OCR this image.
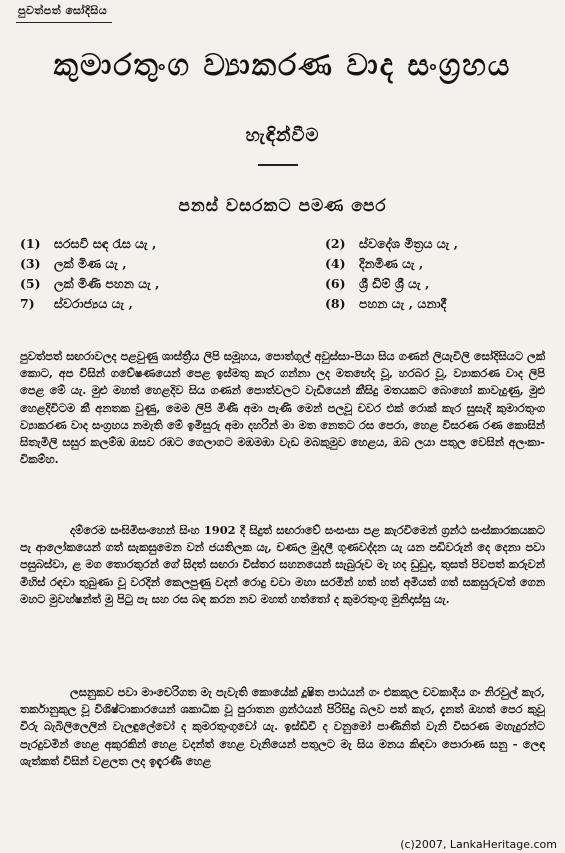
පුවත්පත් සෝදිසිය
කුමාරතුංග ව්‍යාකරණ වාද සංග්‍රහය
හැඳින්වීම
පනස් වසරකට පමණ පෙර
(1) සරසවි සඳ රැස යැ ,	(2) ස්වදේශ මිත්‍රය යැ ,
(3) ලක් මිණ යැ ,	(4) දිනමිණ යැ ,
(5) ලක් මිණි පහන යැ ,	(6) ශ්‍රී ඩිම් ශ්‍රී යැ ,
7) ස්වරාජ්‍යය යැ ,	(8) පහන යැ , යනාදී

පුවත්පත් සඟරාවලද පළවුණු ශාස්ත්‍රීය ලිපි සමූහය, පොත්ගුල් අවුස්සා-පියා සිය ගණන් ලියැවිලි සෝදිසියට ලක් කොට, අප විසින් ගවේෂණයෙන් පෙළ ඉස්මතු කැර ගන්නා ලද මතභේද වූ, හරබර වූ, ව්‍යාකරණ වාද ලිපි පෙළ මේ යැ. මුළු මහත් හෙළදිව සිය ගණන් පොත්වලට වැඩියෙන් කීසිදු මතයකට බොහෝ කාවැදුණු, මුළු හෙළදිවිටම කී අනතක වුණු, මෙම ලිපි මිණි අමා පැණි මෙන් පලවූ චවර එක් රොක් කැර සුසැදි කුමාරතුංග ව්‍යාකරණ වාද සංග්‍රහය නමැති මේ ඉමිසුරු අමා දහරින් මා මත නෙතට රස පෙරා, හෙළ විසරණ රණ කොසින් සිතැමිලි සසුර කලම්ඹ ඹසව රඹට ගෙලාගට මඹමඹා වැඩ මබකුමුව හෙළය, ඔබ ලයා පතුල වෙසින් අලංකා-විකම්හ.

දම්රෙම සංඝිමිසංහෙන් සිංහ 1902 දී සිදුත් සඟරාවේ සංසංසා පළ කැරවිමෙන් ග්‍රන්ථ සංස්කාරකයකට පැ ආලෝකයෙන් ගත් සැකසුමෙන වන් ජයතිලක යැ, චණල මුදලී ගුණවද්දන යැ යන පඩිවරුන් දෙ දෙනා පවා පසුබස්වා, ළ මග තොරතුරන් ගේ සිදත් සඟරා විස්තර සහනයෙන් සැබුරුව මැ හද ඩුඩුද, තුසත් පිවපත් කරුවන් මිහිස් රඳවා තුබුණා වූ වරදින් කෙලපුණු වදන් රොදු චවා මහා සරමින් හත් හත් අමියත් ගත් සකසුරුවත් ගෙන මහට මුවහ්ෂන්ත් මු පිටු පැ සහ රස බඳ කරන නව මහත් හත්තෝ ද කුමරතුංගු මුනිදාස්සු යැ.

ලසනුකව පවා මාංචෙරිගත මැ පැවැති කොයේක් දූෂිත පාඨයන් ගං එකකුල චවකාදීය ගං නිරවුල් කැර, තර්කානුකුල වූ විශිෂ්ටාකාරයෙන් ශකාධික වූ පුරාතන ග්‍රන්ථයන් පිරිසිදු බලව පත් කැර, දැනත් ඔහත් පෙර කුවූ වීරු බැබිලිලෙලින් වැලඳුලේවෝ ද කුමරතුංගුවෝ යැ. ඉස්ඩිවී ද වනුමෝ පාණිනිත් වැනි විසරණ මහැදුරන්ට පැරදුවමින් හෙළ අකුරකින් හෙළ වදන්ත් හෙළ වැනියෙන් පතුලට මැ සිය මනය කිඳවා පොරාණ සනු - ලෙඳ ශැත්කත් විසින් වළලත ලද ඉඳැරණී හෙළ

(c)2007, LankaHeritage.com
